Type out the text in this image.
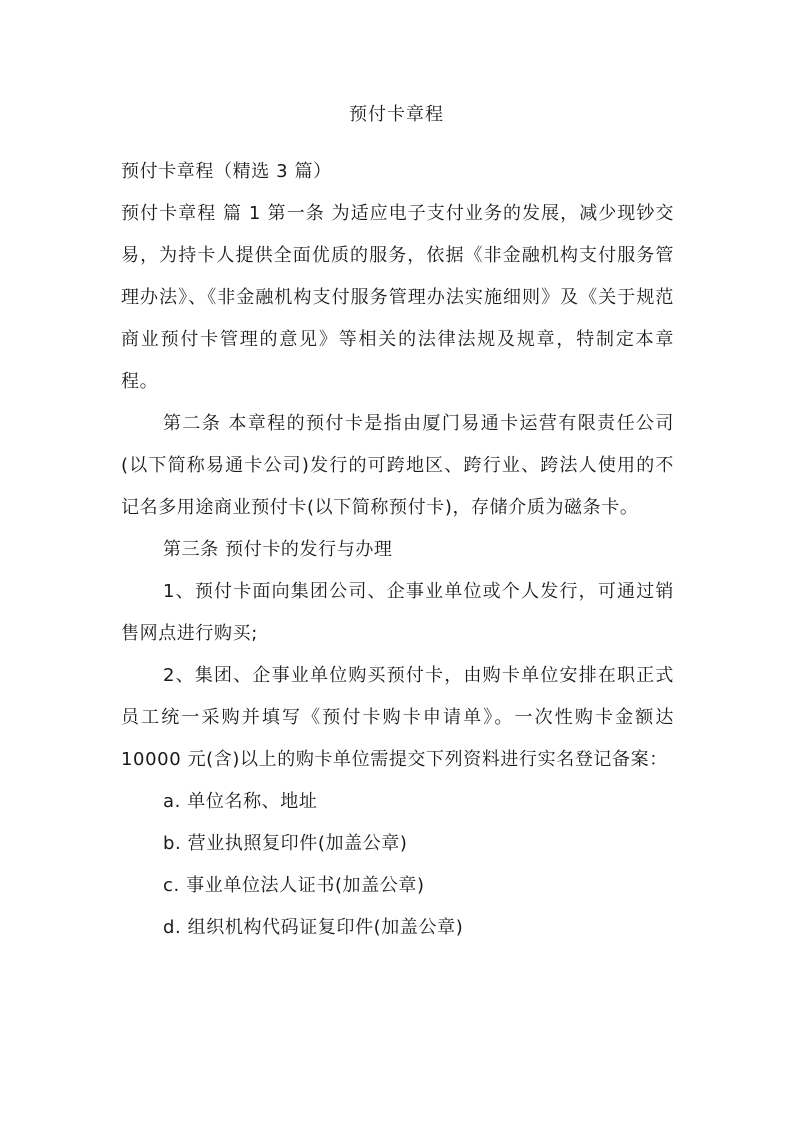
预付卡章程

预付卡章程（精选 3 篇）

预付卡章程 篇 1 第一条 为适应电子支付业务的发展，减少现钞交易，为持卡人提供全面优质的服务，依据《非金融机构支付服务管理办法》、《非金融机构支付服务管理办法实施细则》及《关于规范商业预付卡管理的意见》等相关的法律法规及规章，特制定本章程。

第二条 本章程的预付卡是指由厦门易通卡运营有限责任公司(以下简称易通卡公司)发行的可跨地区、跨行业、跨法人使用的不记名多用途商业预付卡(以下简称预付卡)，存储介质为磁条卡。

第三条 预付卡的发行与办理

1、预付卡面向集团公司、企事业单位或个人发行，可通过销售网点进行购买;

2、集团、企事业单位购买预付卡，由购卡单位安排在职正式员工统一采购并填写《预付卡购卡申请单》。一次性购卡金额达 10000 元(含)以上的购卡单位需提交下列资料进行实名登记备案：

a. 单位名称、地址

b. 营业执照复印件(加盖公章)

c. 事业单位法人证书(加盖公章)

d. 组织机构代码证复印件(加盖公章)
